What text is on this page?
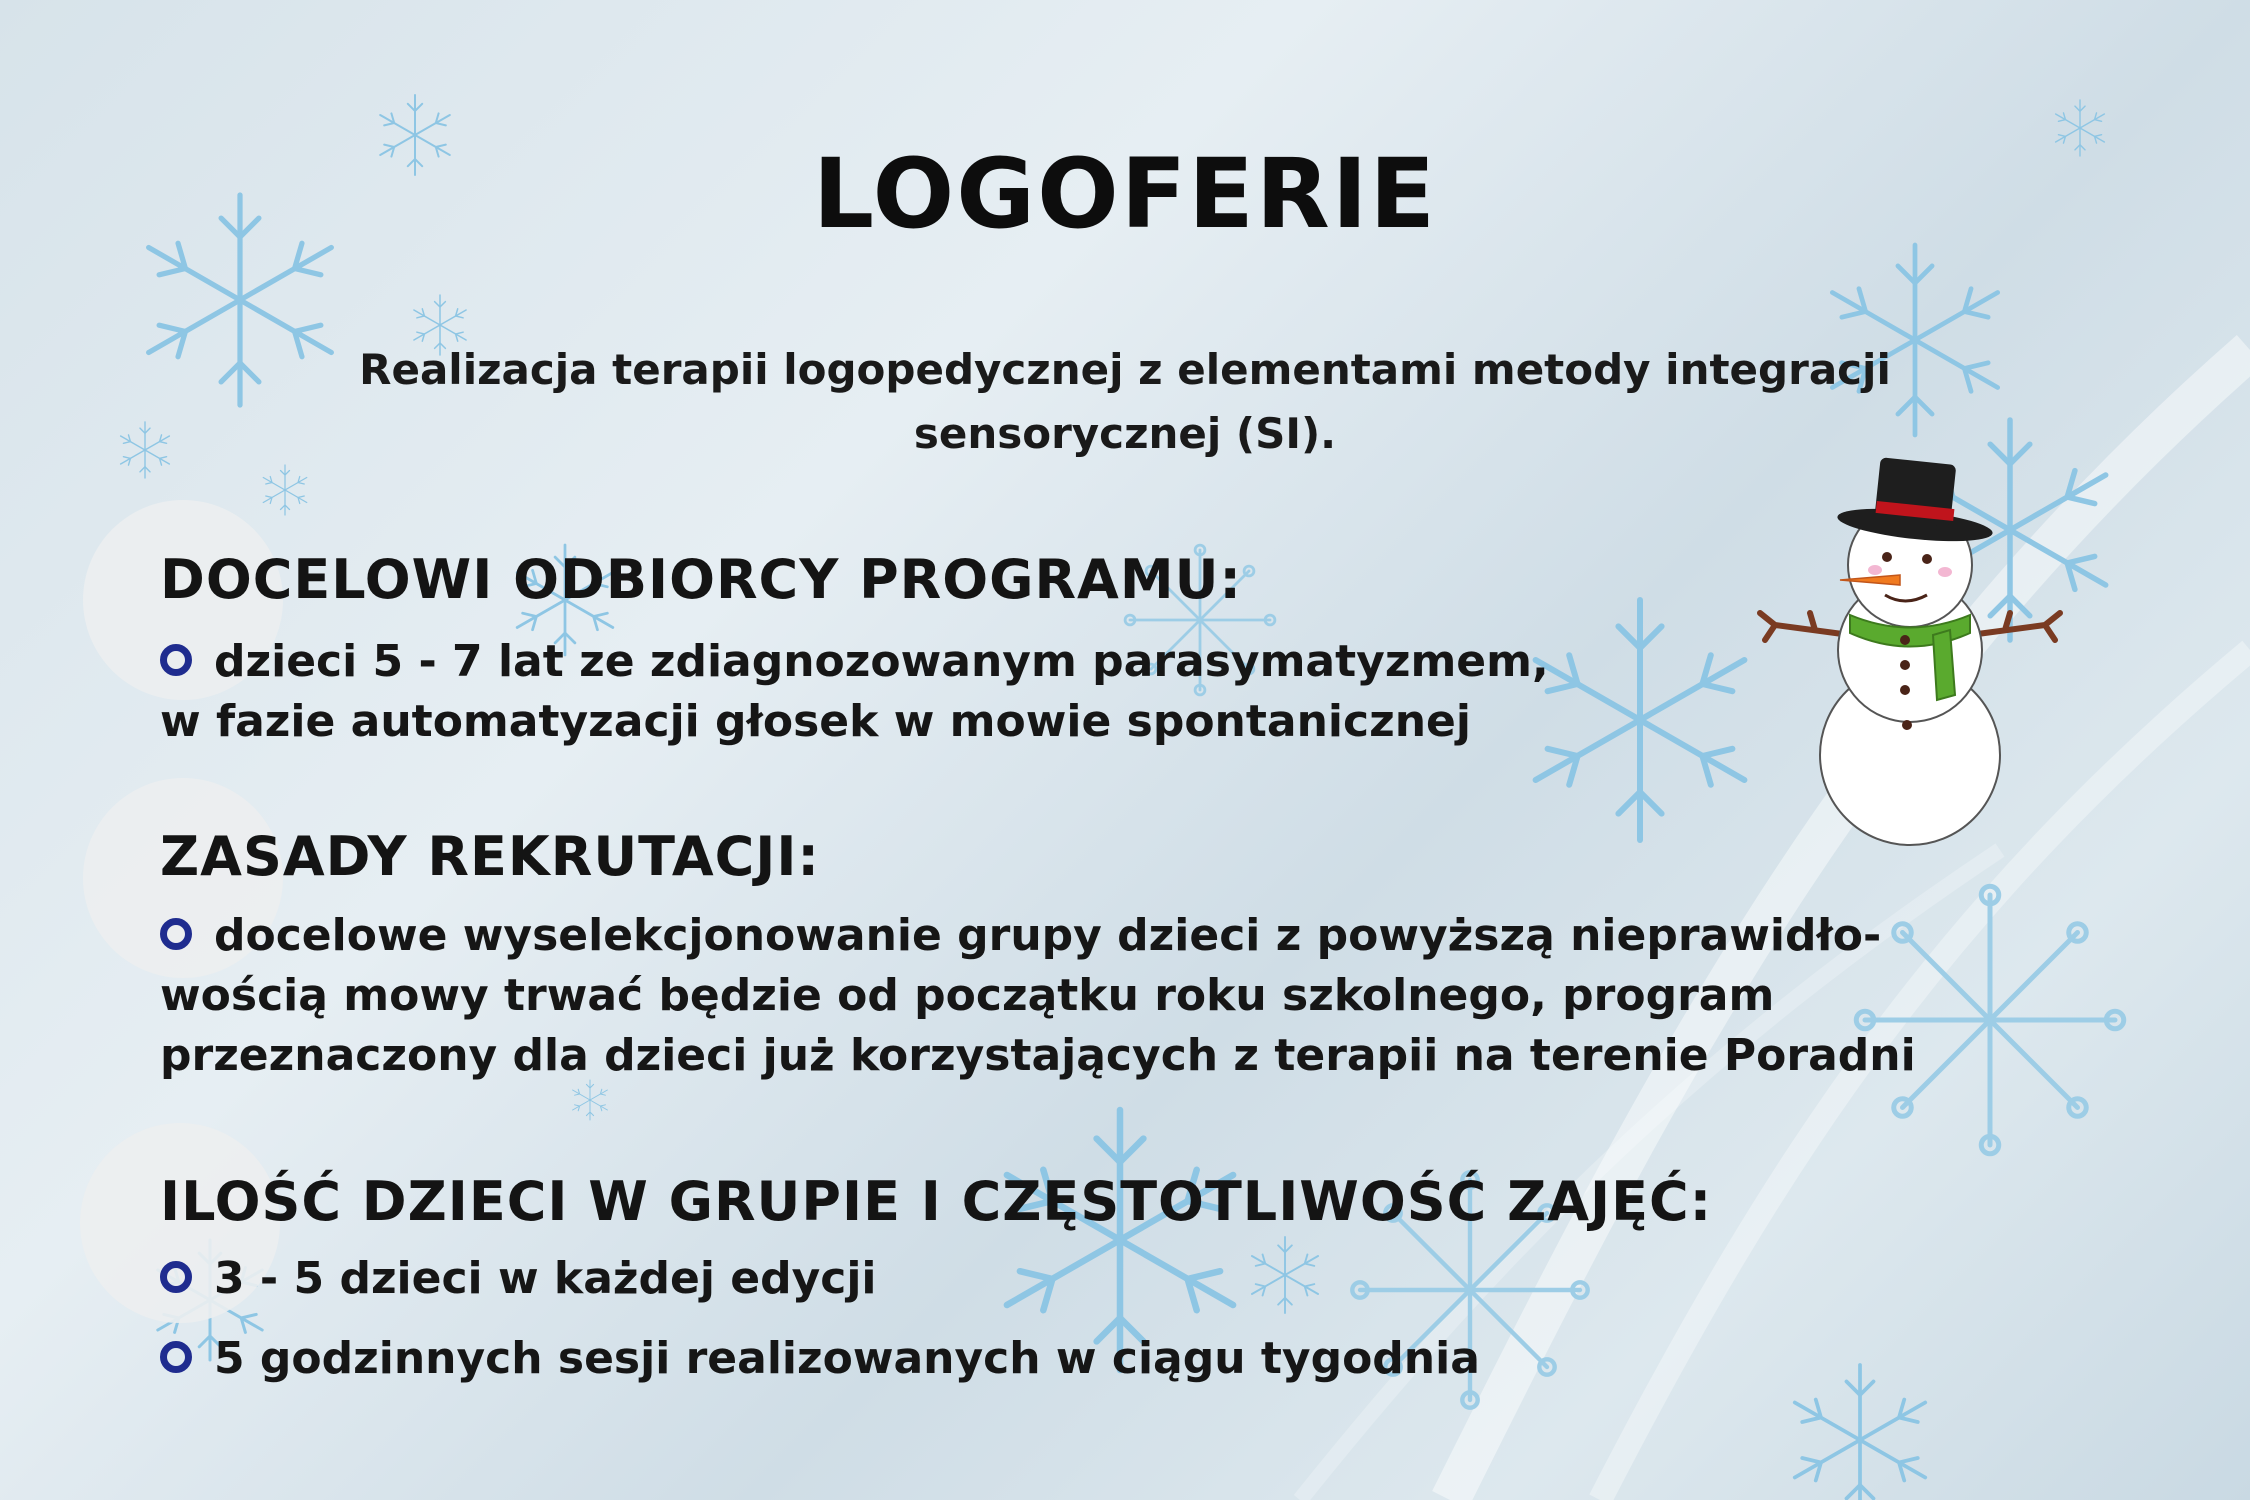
LOGOFERIE
Realizacja terapii logopedycznej z elementami metody integracji sensorycznej (SI).
DOCELOWI ODBIORCY PROGRAMU:
dzieci 5 - 7 lat ze zdiagnozowanym parasymatyzmem,
w fazie automatyzacji głosek w mowie spontanicznej
ZASADY REKRUTACJI:
docelowe wyselekcjonowanie grupy dzieci z powyższą nieprawidło-
wością mowy trwać będzie od początku roku szkolnego, program
przeznaczony dla dzieci już korzystających z terapii na terenie Poradni
ILOŚĆ DZIECI W GRUPIE I CZĘSTOTLIWOŚĆ ZAJĘĆ:
3 - 5 dzieci w każdej edycji
5 godzinnych sesji realizowanych w ciągu tygodnia
